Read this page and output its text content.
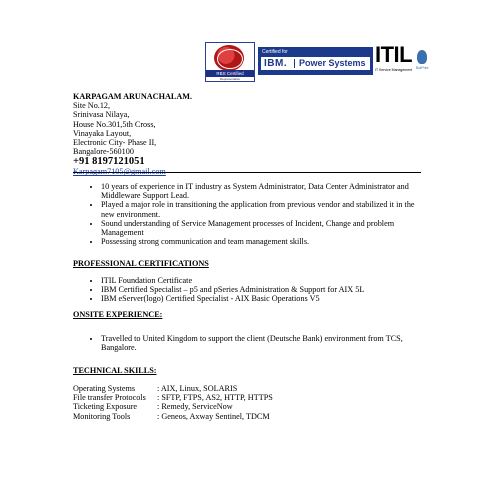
RBS Certified
Representative
Certified for
IBM. Power Systems ITIL
IT Service Management BotPrint
KARPAGAM ARUNACHALAM.
Site No.12,
Srinivasa Nilaya,
House No.301,5th Cross,
Vinayaka Layout,
Electronic City- Phase II,
Bangalore-560100
+91 8197121051
Karpagam7105@gmail.com
• 10 years of experience in IT industry as System Administrator, Data Center Administrator and Middleware Support Lead.
• Played a major role in transitioning the application from previous vendor and stabilized it in the new environment.
• Sound understanding of Service Management processes of Incident, Change and problem Management
• Possessing strong communication and team management skills.
PROFESSIONAL CERTIFICATIONS
• ITIL Foundation Certificate
• IBM Certified Specialist – p5 and pSeries Administration & Support for AIX 5L
• IBM eServer(logo) Certified Specialist - AIX Basic Operations V5
ONSITE EXPERIENCE:
• Travelled to United Kingdom to support the client (Deutsche Bank) environment from TCS, Bangalore.
TECHNICAL SKILLS:
Operating Systems	: AIX, Linux, SOLARIS
File transfer Protocols	: SFTP, FTPS, AS2, HTTP, HTTPS
Ticketing Exposure	: Remedy, ServiceNow
Monitoring Tools	: Geneos, Axway Sentinel, TDCM
